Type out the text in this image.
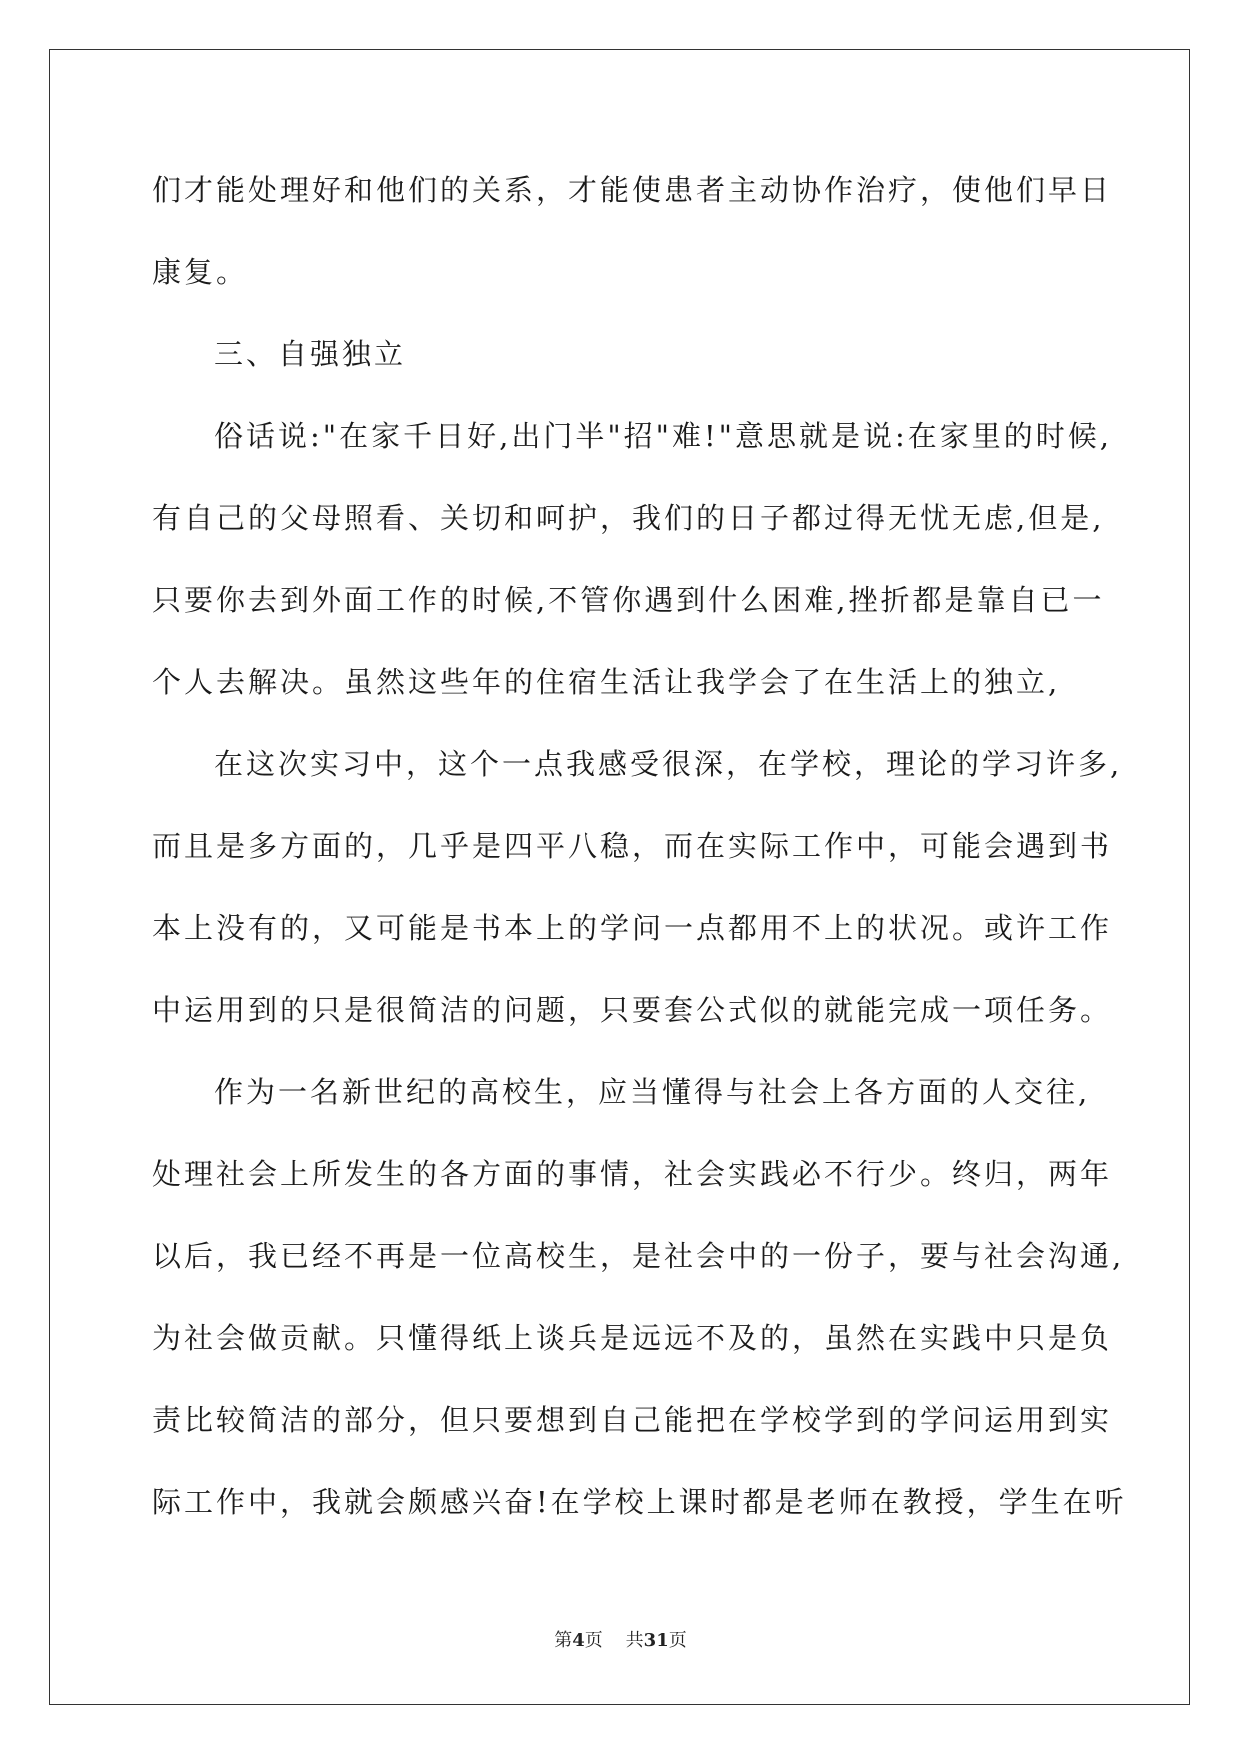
们才能处理好和他们的关系，才能使患者主动协作治疗，使他们早日
康复。
三、自强独立
俗话说:"在家千日好,出门半"招"难!"意思就是说:在家里的时候,
有自己的父母照看、关切和呵护，我们的日子都过得无忧无虑,但是,
只要你去到外面工作的时候,不管你遇到什么困难,挫折都是靠自已一
个人去解决。虽然这些年的住宿生活让我学会了在生活上的独立,
在这次实习中，这个一点我感受很深，在学校，理论的学习许多,
而且是多方面的，几乎是四平八稳，而在实际工作中，可能会遇到书
本上没有的，又可能是书本上的学问一点都用不上的状况。或许工作
中运用到的只是很简洁的问题，只要套公式似的就能完成一项任务。
作为一名新世纪的高校生，应当懂得与社会上各方面的人交往,
处理社会上所发生的各方面的事情，社会实践必不行少。终归，两年
以后，我已经不再是一位高校生，是社会中的一份子，要与社会沟通,
为社会做贡献。只懂得纸上谈兵是远远不及的，虽然在实践中只是负
责比较简洁的部分，但只要想到自己能把在学校学到的学问运用到实
际工作中，我就会颇感兴奋!在学校上课时都是老师在教授，学生在听
第4页 共31页
